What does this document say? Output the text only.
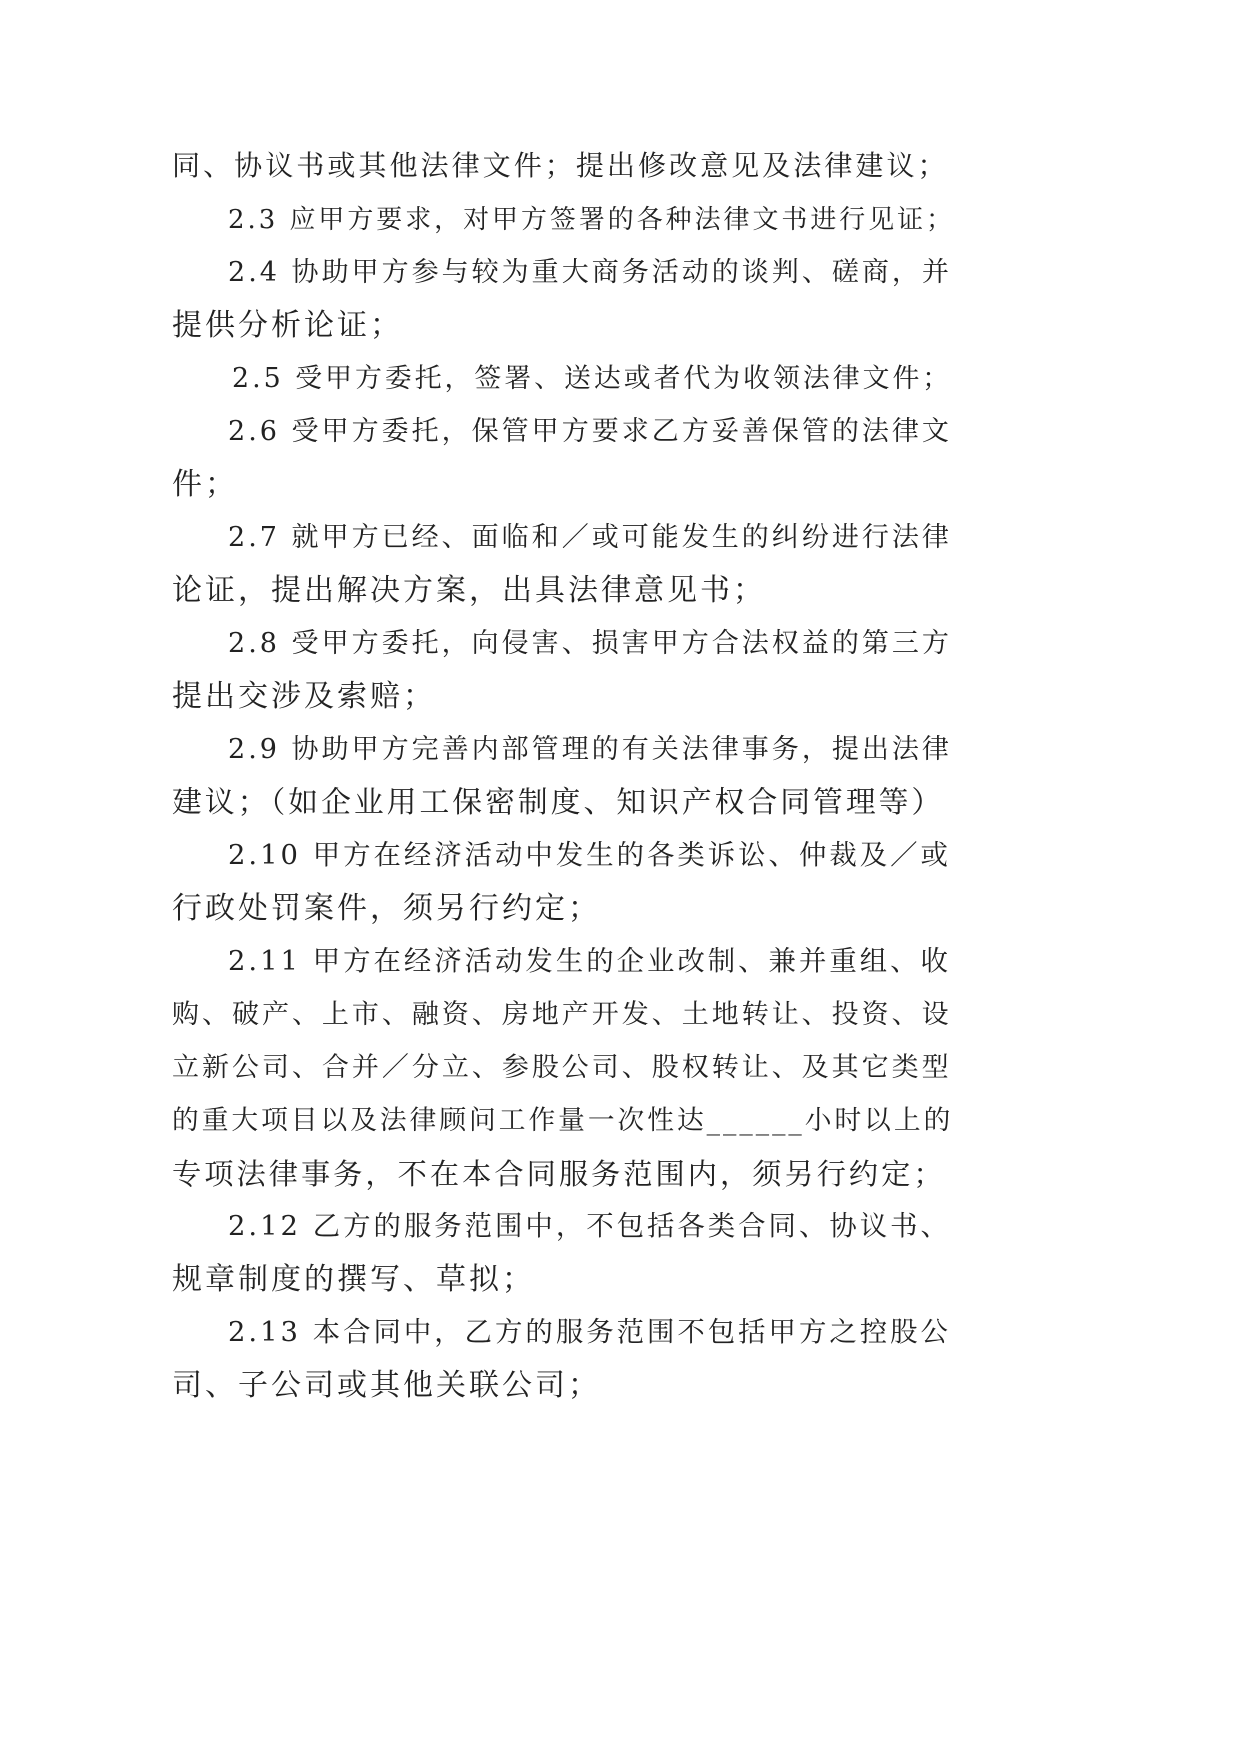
同、协议书或其他法律文件；提出修改意见及法律建议；
2.3 应甲方要求，对甲方签署的各种法律文书进行见证；
2.4 协助甲方参与较为重大商务活动的谈判、磋商，并
提供分析论证；
2.5 受甲方委托，签署、送达或者代为收领法律文件；
2.6 受甲方委托，保管甲方要求乙方妥善保管的法律文
件；
2.7 就甲方已经、面临和／或可能发生的纠纷进行法律
论证，提出解决方案，出具法律意见书；
2.8 受甲方委托，向侵害、损害甲方合法权益的第三方
提出交涉及索赔；
2.9 协助甲方完善内部管理的有关法律事务，提出法律
建议；（如企业用工保密制度、知识产权合同管理等）
2.10 甲方在经济活动中发生的各类诉讼、仲裁及／或
行政处罚案件，须另行约定；
2.11 甲方在经济活动发生的企业改制、兼并重组、收
购、破产、上市、融资、房地产开发、土地转让、投资、设
立新公司、合并／分立、参股公司、股权转让、及其它类型
的重大项目以及法律顾问工作量一次性达______小时以上的
专项法律事务，不在本合同服务范围内，须另行约定；
2.12 乙方的服务范围中，不包括各类合同、协议书、
规章制度的撰写、草拟；
2.13 本合同中，乙方的服务范围不包括甲方之控股公
司、子公司或其他关联公司；
